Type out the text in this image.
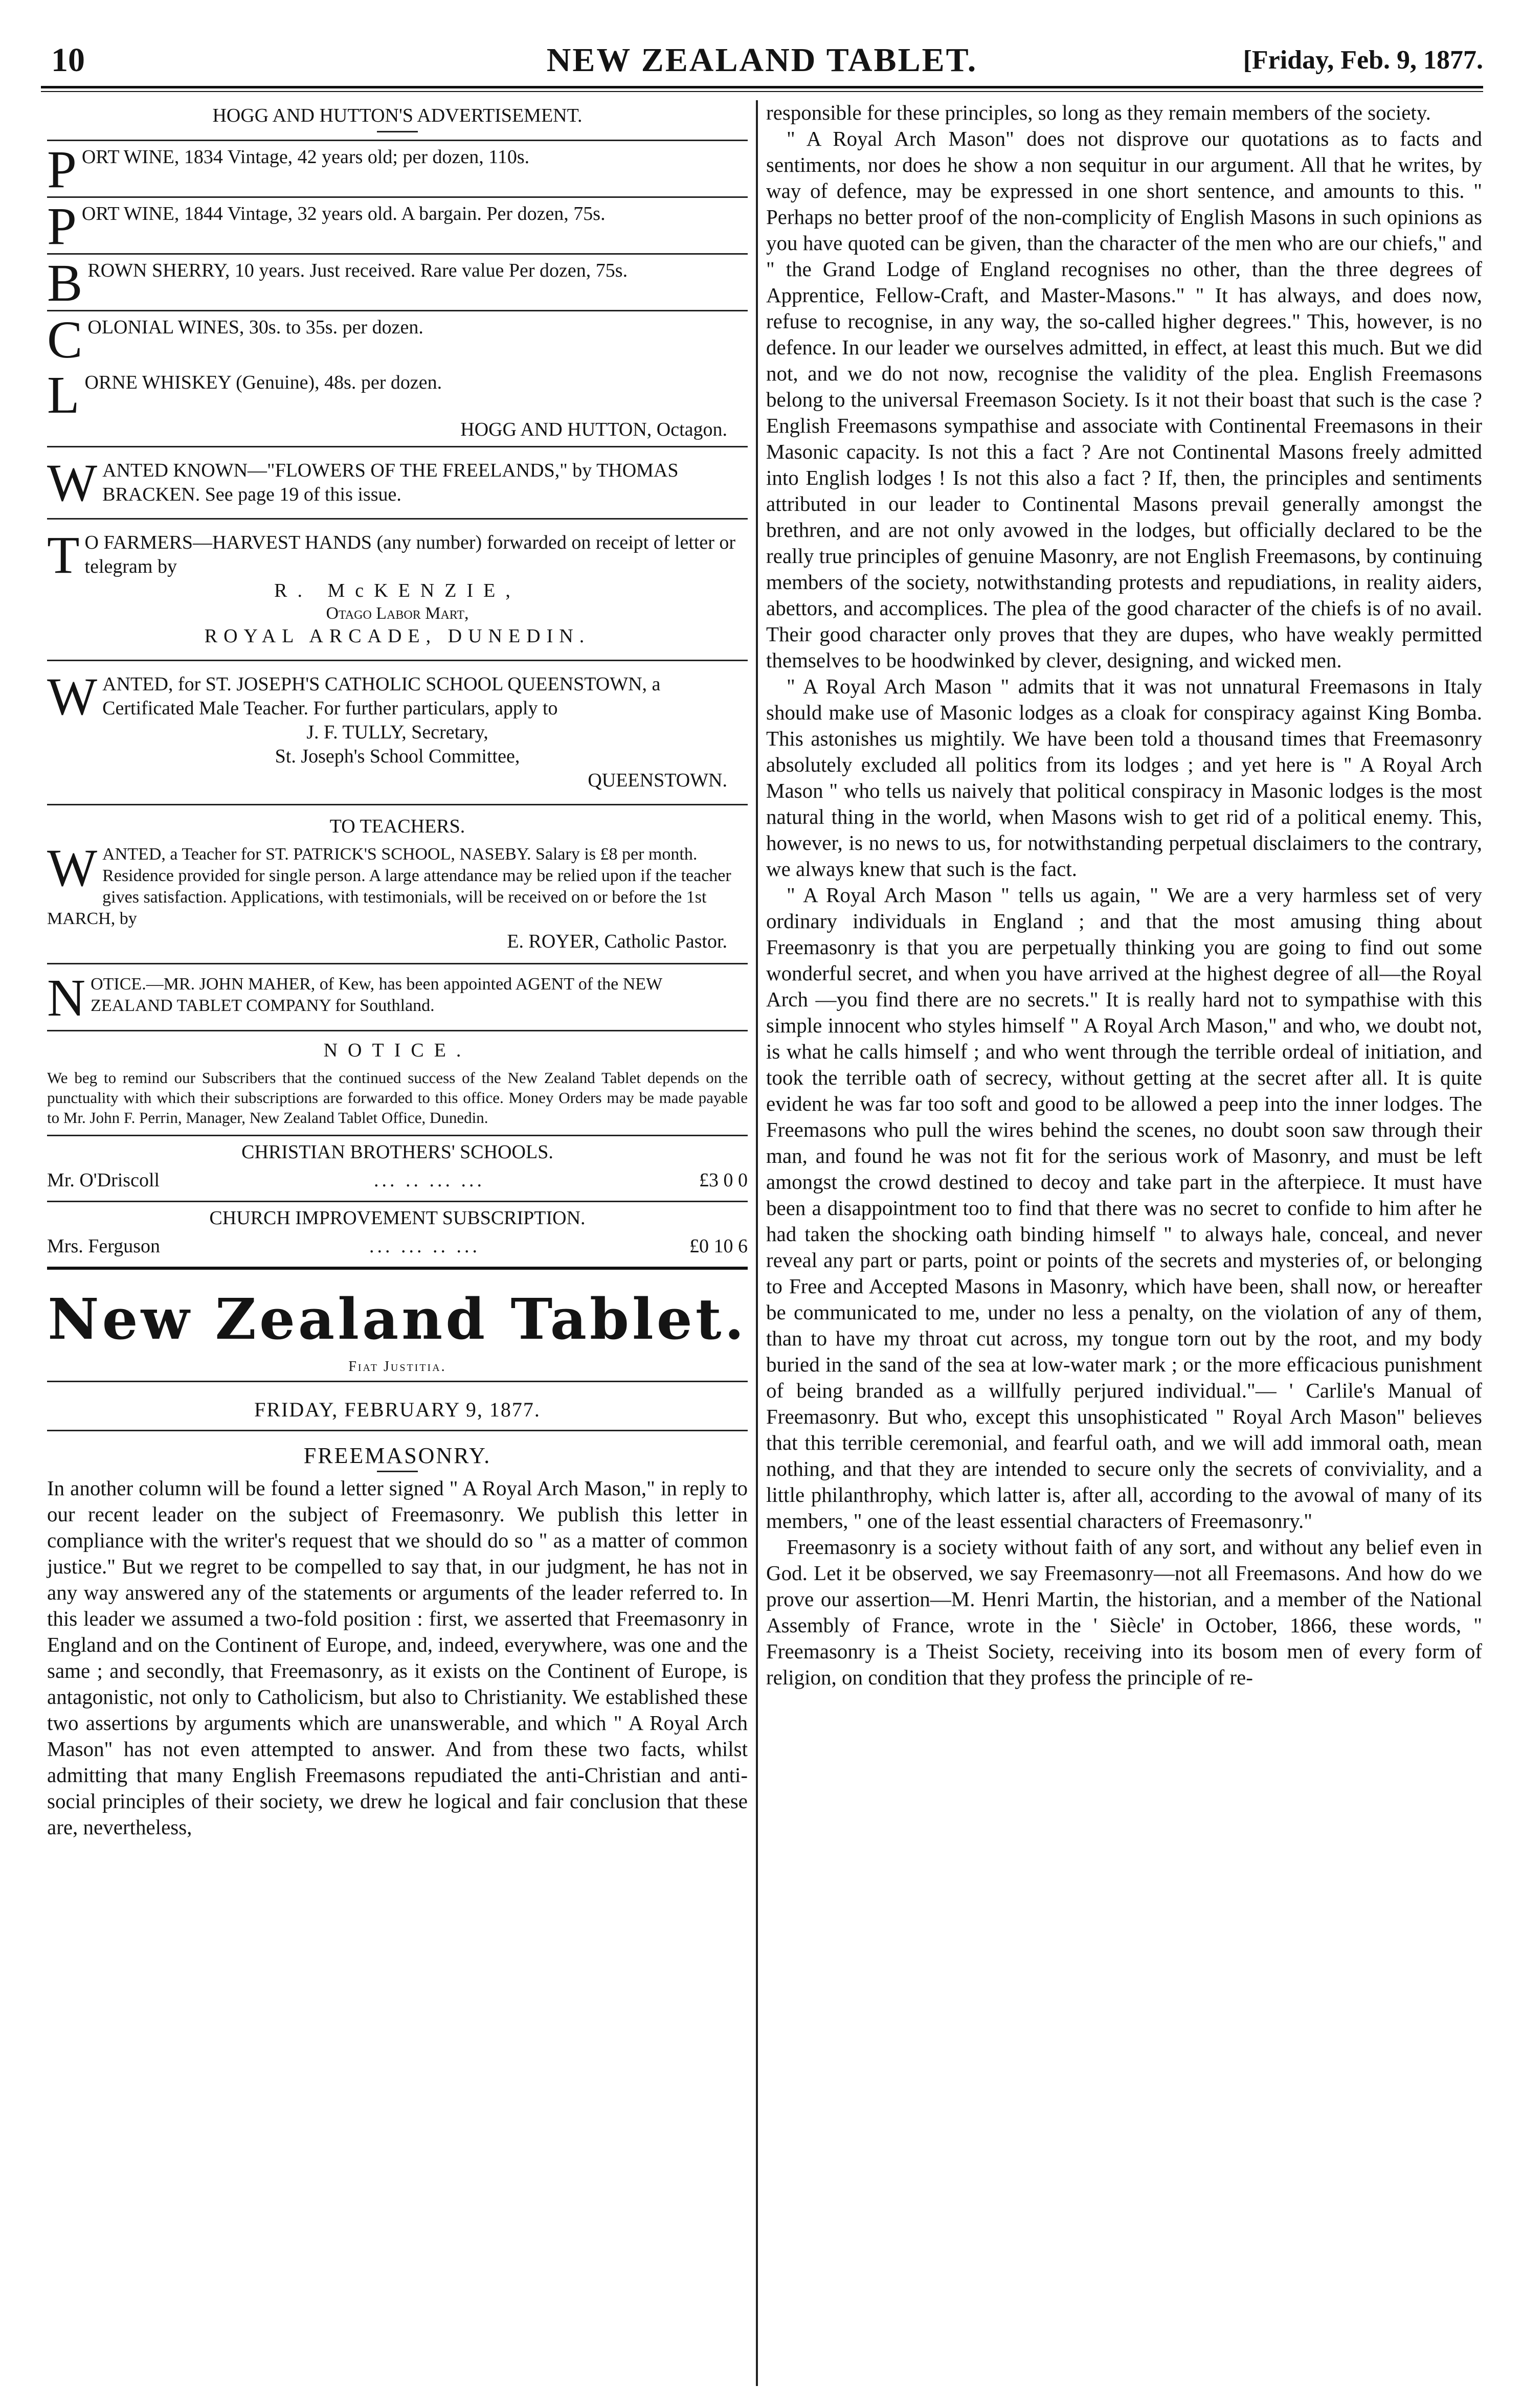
10	NEW ZEALAND TABLET.	[Friday, Feb. 9, 1877.
HOGG AND HUTTON'S ADVERTISEMENT.
P ORT WINE, 1834 Vintage, 42 years old; per dozen, 110s.
P ORT WINE, 1844 Vintage, 32 years old. A bargain. Per dozen, 75s.
B ROWN SHERRY, 10 years. Just received. Rare value Per dozen, 75s.
C OLONIAL WINES, 30s. to 35s. per dozen.
L ORNE WHISKEY (Genuine), 48s. per dozen.
HOGG AND HUTTON, Octagon.
W ANTED KNOWN—"FLOWERS OF THE FREELANDS," by THOMAS BRACKEN. See page 19 of this issue.
T O FARMERS—HARVEST HANDS (any number) forwarded on receipt of letter or telegram by
R. McKENZIE,
Otago Labor Mart,
ROYAL ARCADE, DUNEDIN.
W ANTED, for ST. JOSEPH'S CATHOLIC SCHOOL QUEENSTOWN, a Certificated Male Teacher. For further particulars, apply to
J. F. TULLY, Secretary,
St. Joseph's School Committee,
QUEENSTOWN.
TO TEACHERS.
W ANTED, a Teacher for ST. PATRICK'S SCHOOL, NASEBY. Salary is £8 per month. Residence provided for single person. A large attendance may be relied upon if the teacher gives satisfaction. Applications, with testimonials, will be received on or before the 1st MARCH, by
E. ROYER, Catholic Pastor.
N OTICE.—MR. JOHN MAHER, of Kew, has been appointed AGENT of the NEW ZEALAND TABLET COMPANY for Southland.
NOTICE.
We beg to remind our Subscribers that the continued success of the New Zealand Tablet depends on the punctuality with which their subscriptions are forwarded to this office. Money Orders may be made payable to Mr. John F. Perrin, Manager, New Zealand Tablet Office, Dunedin.
CHRISTIAN BROTHERS' SCHOOLS.
Mr. O'Driscoll	... .. ... ...	£3 0 0
CHURCH IMPROVEMENT SUBSCRIPTION.
Mrs. Ferguson	... ... .. ...	£0 10 6
New Zealand Tablet.
Fiat Justitia.
FRIDAY, FEBRUARY 9, 1877.
FREEMASONRY.

In another column will be found a letter signed " A Royal Arch Mason," in reply to our recent leader on the subject of Freemasonry. We publish this letter in compliance with the writer's request that we should do so " as a matter of common justice." But we regret to be compelled to say that, in our judgment, he has not in any way answered any of the statements or arguments of the leader referred to. In this leader we assumed a two-fold position : first, we asserted that Freemasonry in England and on the Continent of Europe, and, indeed, everywhere, was one and the same ; and secondly, that Freemasonry, as it exists on the Continent of Europe, is antagonistic, not only to Catholicism, but also to Christianity. We established these two assertions by arguments which are unanswerable, and which " A Royal Arch Mason" has not even attempted to answer. And from these two facts, whilst admitting that many English Freemasons repudiated the anti-Christian and anti-social principles of their society, we drew he logical and fair conclusion that these are, nevertheless,

responsible for these principles, so long as they remain members of the society.

" A Royal Arch Mason" does not disprove our quotations as to facts and sentiments, nor does he show a non sequitur in our argument. All that he writes, by way of defence, may be expressed in one short sentence, and amounts to this. " Perhaps no better proof of the non-complicity of English Masons in such opinions as you have quoted can be given, than the character of the men who are our chiefs," and " the Grand Lodge of England recognises no other, than the three degrees of Apprentice, Fellow-Craft, and Master-Masons." " It has always, and does now, refuse to recognise, in any way, the so-called higher degrees." This, however, is no defence. In our leader we ourselves admitted, in effect, at least this much. But we did not, and we do not now, recognise the validity of the plea. English Freemasons belong to the universal Freemason Society. Is it not their boast that such is the case ? English Freemasons sympathise and associate with Continental Freemasons in their Masonic capacity. Is not this a fact ? Are not Continental Masons freely admitted into English lodges ! Is not this also a fact ? If, then, the principles and sentiments attributed in our leader to Continental Masons prevail generally amongst the brethren, and are not only avowed in the lodges, but officially declared to be the really true principles of genuine Masonry, are not English Freemasons, by continuing members of the society, notwithstanding protests and repudiations, in reality aiders, abettors, and accomplices. The plea of the good character of the chiefs is of no avail. Their good character only proves that they are dupes, who have weakly permitted themselves to be hoodwinked by clever, designing, and wicked men.

" A Royal Arch Mason " admits that it was not unnatural Freemasons in Italy should make use of Masonic lodges as a cloak for conspiracy against King Bomba. This astonishes us mightily. We have been told a thousand times that Freemasonry absolutely excluded all politics from its lodges ; and yet here is " A Royal Arch Mason " who tells us naively that political conspiracy in Masonic lodges is the most natural thing in the world, when Masons wish to get rid of a political enemy. This, however, is no news to us, for notwithstanding perpetual disclaimers to the contrary, we always knew that such is the fact.

" A Royal Arch Mason " tells us again, " We are a very harmless set of very ordinary individuals in England ; and that the most amusing thing about Freemasonry is that you are perpetually thinking you are going to find out some wonderful secret, and when you have arrived at the highest degree of all—the Royal Arch —you find there are no secrets." It is really hard not to sympathise with this simple innocent who styles himself " A Royal Arch Mason," and who, we doubt not, is what he calls himself ; and who went through the terrible ordeal of initiation, and took the terrible oath of secrecy, without getting at the secret after all. It is quite evident he was far too soft and good to be allowed a peep into the inner lodges. The Freemasons who pull the wires behind the scenes, no doubt soon saw through their man, and found he was not fit for the serious work of Masonry, and must be left amongst the crowd destined to decoy and take part in the afterpiece. It must have been a disappointment too to find that there was no secret to confide to him after he had taken the shocking oath binding himself " to always hale, conceal, and never reveal any part or parts, point or points of the secrets and mysteries of, or belonging to Free and Accepted Masons in Masonry, which have been, shall now, or hereafter be communicated to me, under no less a penalty, on the violation of any of them, than to have my throat cut across, my tongue torn out by the root, and my body buried in the sand of the sea at low-water mark ; or the more efficacious punishment of being branded as a willfully perjured individual."— ' Carlile's Manual of Freemasonry. But who, except this unsophisticated " Royal Arch Mason" believes that this terrible ceremonial, and fearful oath, and we will add immoral oath, mean nothing, and that they are intended to secure only the secrets of conviviality, and a little philanthrophy, which latter is, after all, according to the avowal of many of its members, " one of the least essential characters of Freemasonry."

Freemasonry is a society without faith of any sort, and without any belief even in God. Let it be observed, we say Freemasonry—not all Freemasons. And how do we prove our assertion—M. Henri Martin, the historian, and a member of the National Assembly of France, wrote in the ' Siècle' in October, 1866, these words, " Freemasonry is a Theist Society, receiving into its bosom men of every form of religion, on condition that they profess the principle of re-
